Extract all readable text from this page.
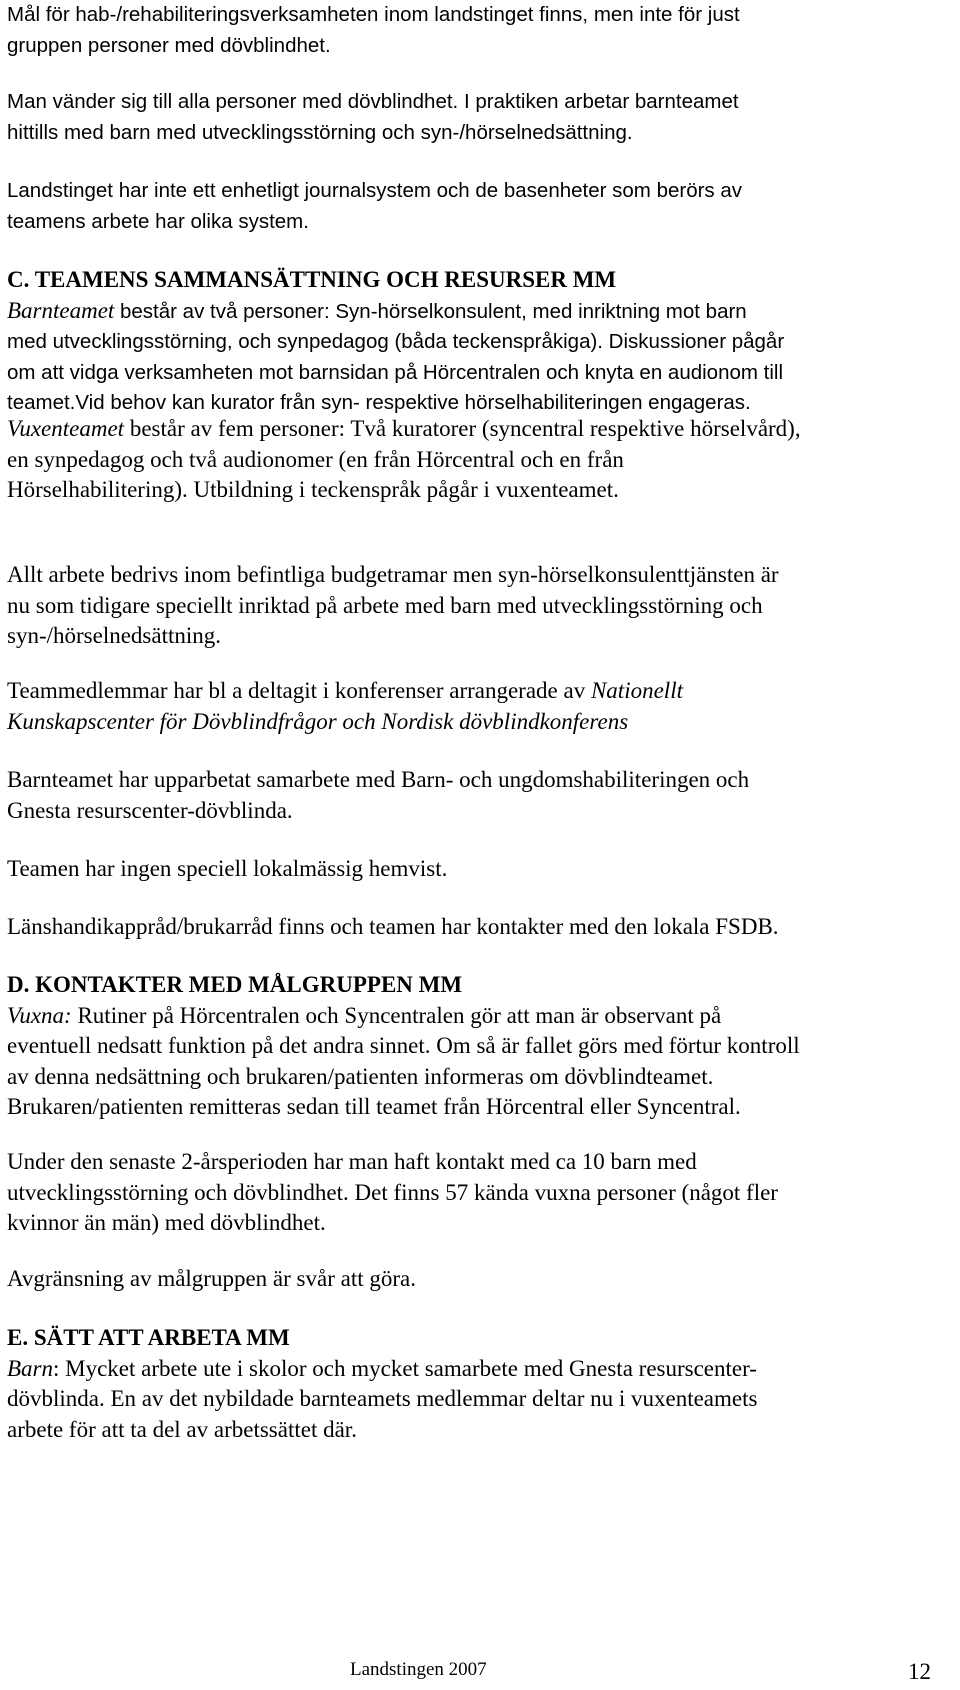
Mål för hab-/rehabiliteringsverksamheten inom landstinget finns, men inte för just
gruppen personer med dövblindhet.

Man vänder sig till alla personer med dövblindhet. I praktiken arbetar barnteamet
hittills med barn med utvecklingsstörning och syn-/hörselnedsättning.

Landstinget har inte ett enhetligt journalsystem och de basenheter som berörs av
teamens arbete har olika system.

C. TEAMENS SAMMANSÄTTNING OCH RESURSER MM
Barnteamet består av två personer: Syn-hörselkonsulent, med inriktning mot barn
med utvecklingsstörning, och synpedagog (båda teckenspråkiga). Diskussioner pågår
om att vidga verksamheten mot barnsidan på Hörcentralen och knyta en audionom till
teamet.Vid behov kan kurator från syn- respektive hörselhabiliteringen engageras.

Vuxenteamet består av fem personer: Två kuratorer (syncentral respektive hörselvård),
en synpedagog och två audionomer (en från Hörcentral och en från
Hörselhabilitering). Utbildning i teckenspråk pågår i vuxenteamet.

Allt arbete bedrivs inom befintliga budgetramar men syn-hörselkonsulenttjänsten är
nu som tidigare speciellt inriktad på arbete med barn med utvecklingsstörning och
syn-/hörselnedsättning.

Teammedlemmar har bl a deltagit i konferenser arrangerade av Nationellt
Kunskapscenter för Dövblindfrågor och Nordisk dövblindkonferens

Barnteamet har upparbetat samarbete med Barn- och ungdomshabiliteringen och
Gnesta resurscenter-dövblinda.

Teamen har ingen speciell lokalmässig hemvist.

Länshandikappråd/brukarråd finns och teamen har kontakter med den lokala FSDB.

D. KONTAKTER MED MÅLGRUPPEN MM
Vuxna: Rutiner på Hörcentralen och Syncentralen gör att man är observant på
eventuell nedsatt funktion på det andra sinnet. Om så är fallet görs med förtur kontroll
av denna nedsättning och brukaren/patienten informeras om dövblindteamet.
Brukaren/patienten remitteras sedan till teamet från Hörcentral eller Syncentral.

Under den senaste 2-årsperioden har man haft kontakt med ca 10 barn med
utvecklingsstörning och dövblindhet. Det finns 57 kända vuxna personer (något fler
kvinnor än män) med dövblindhet.

Avgränsning av målgruppen är svår att göra.

E. SÄTT ATT ARBETA MM
Barn: Mycket arbete ute i skolor och mycket samarbete med Gnesta resurscenter-
dövblinda. En av det nybildade barnteamets medlemmar deltar nu i vuxenteamets
arbete för att ta del av arbetssättet där.
Landstingen 2007	12
